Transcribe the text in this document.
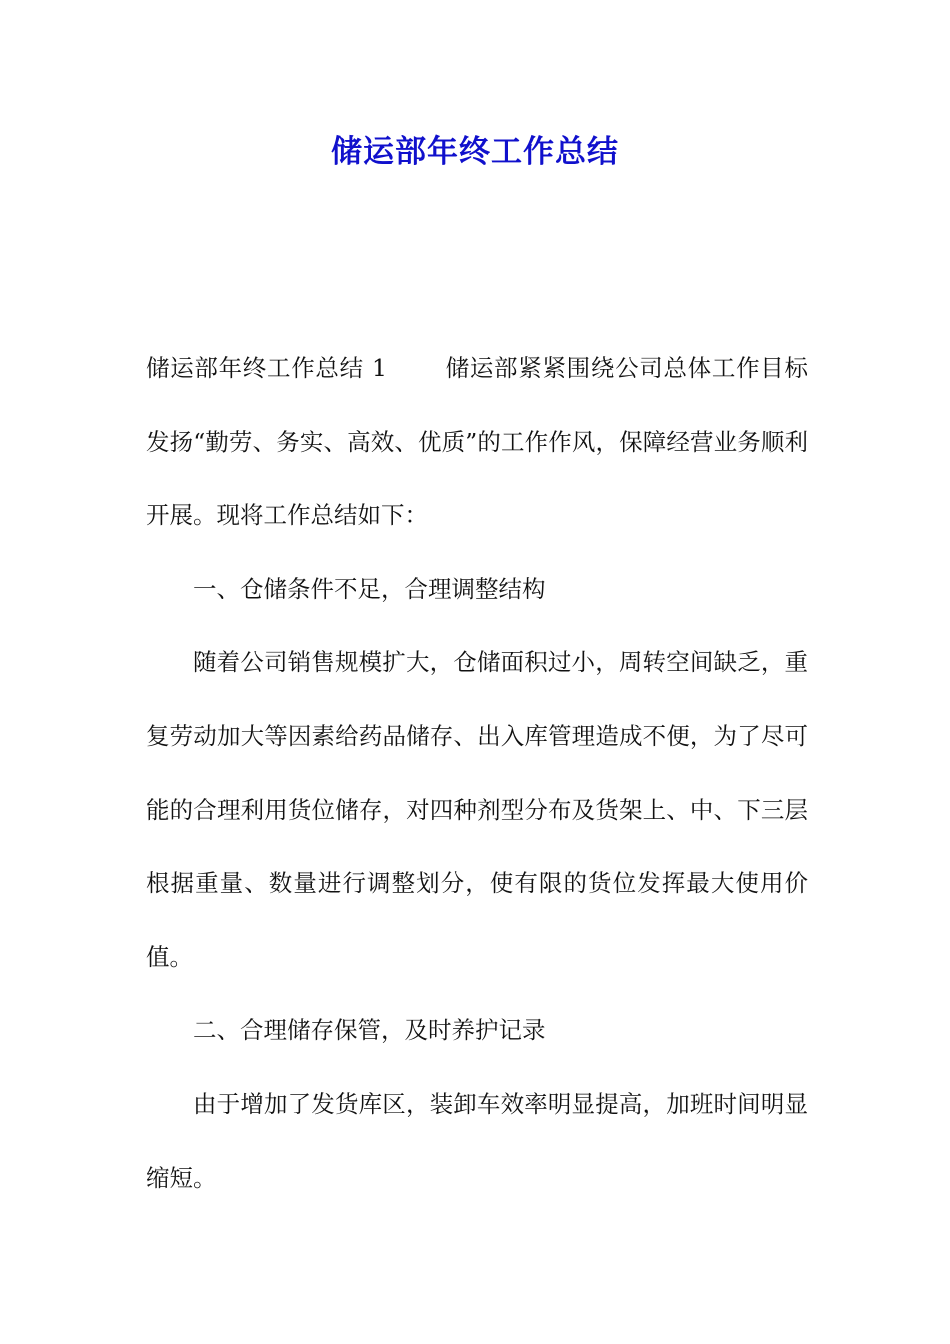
储运部年终工作总结

储运部年终工作总结 1 储运部紧紧围绕公司总体工作目标发扬“勤劳、务实、高效、优质”的工作作风，保障经营业务顺利开展。现将工作总结如下：

一、仓储条件不足，合理调整结构

随着公司销售规模扩大，仓储面积过小，周转空间缺乏，重复劳动加大等因素给药品储存、出入库管理造成不便，为了尽可能的合理利用货位储存，对四种剂型分布及货架上、中、下三层根据重量、数量进行调整划分，使有限的货位发挥最大使用价值。

二、合理储存保管，及时养护记录

由于增加了发货库区，装卸车效率明显提高，加班时间明显缩短。
